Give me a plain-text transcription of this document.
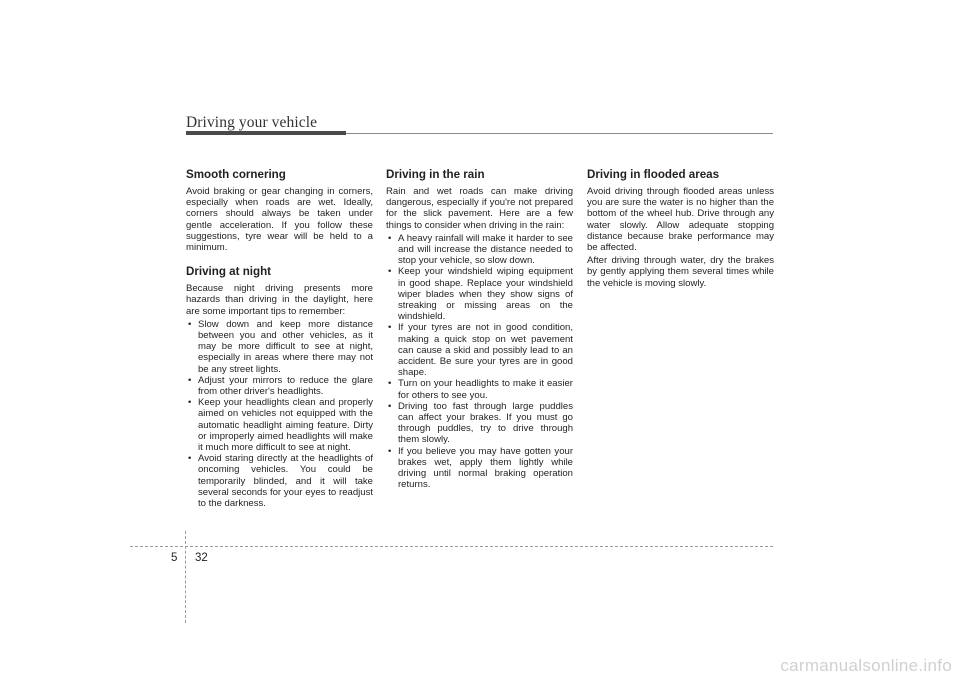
Driving your vehicle
Smooth cornering

Avoid braking or gear changing in corners, especially when roads are wet. Ideally, corners should always be taken under gentle acceleration. If you follow these suggestions, tyre wear will be held to a minimum.

Driving at night

Because night driving presents more hazards than driving in the daylight, here are some important tips to remember:

• Slow down and keep more distance between you and other vehicles, as it may be more difficult to see at night, especially in areas where there may not be any street lights.
• Adjust your mirrors to reduce the glare from other driver's headlights.
• Keep your headlights clean and properly aimed on vehicles not equipped with the automatic headlight aiming feature. Dirty or improperly aimed headlights will make it much more difficult to see at night.
• Avoid staring directly at the headlights of oncoming vehicles. You could be temporarily blinded, and it will take several seconds for your eyes to readjust to the darkness.
Driving in the rain

Rain and wet roads can make driving dangerous, especially if you're not prepared for the slick pavement. Here are a few things to consider when driving in the rain:

• A heavy rainfall will make it harder to see and will increase the distance needed to stop your vehicle, so slow down.
• Keep your windshield wiping equipment in good shape. Replace your windshield wiper blades when they show signs of streaking or missing areas on the windshield.
• If your tyres are not in good condition, making a quick stop on wet pavement can cause a skid and possibly lead to an accident. Be sure your tyres are in good shape.
• Turn on your headlights to make it easier for others to see you.
• Driving too fast through large puddles can affect your brakes. If you must go through puddles, try to drive through them slowly.
• If you believe you may have gotten your brakes wet, apply them lightly while driving until normal braking operation returns.
Driving in flooded areas

Avoid driving through flooded areas unless you are sure the water is no higher than the bottom of the wheel hub. Drive through any water slowly. Allow adequate stopping distance because brake performance may be affected.

After driving through water, dry the brakes by gently applying them several times while the vehicle is moving slowly.

5 32
carmanualsonline.info
